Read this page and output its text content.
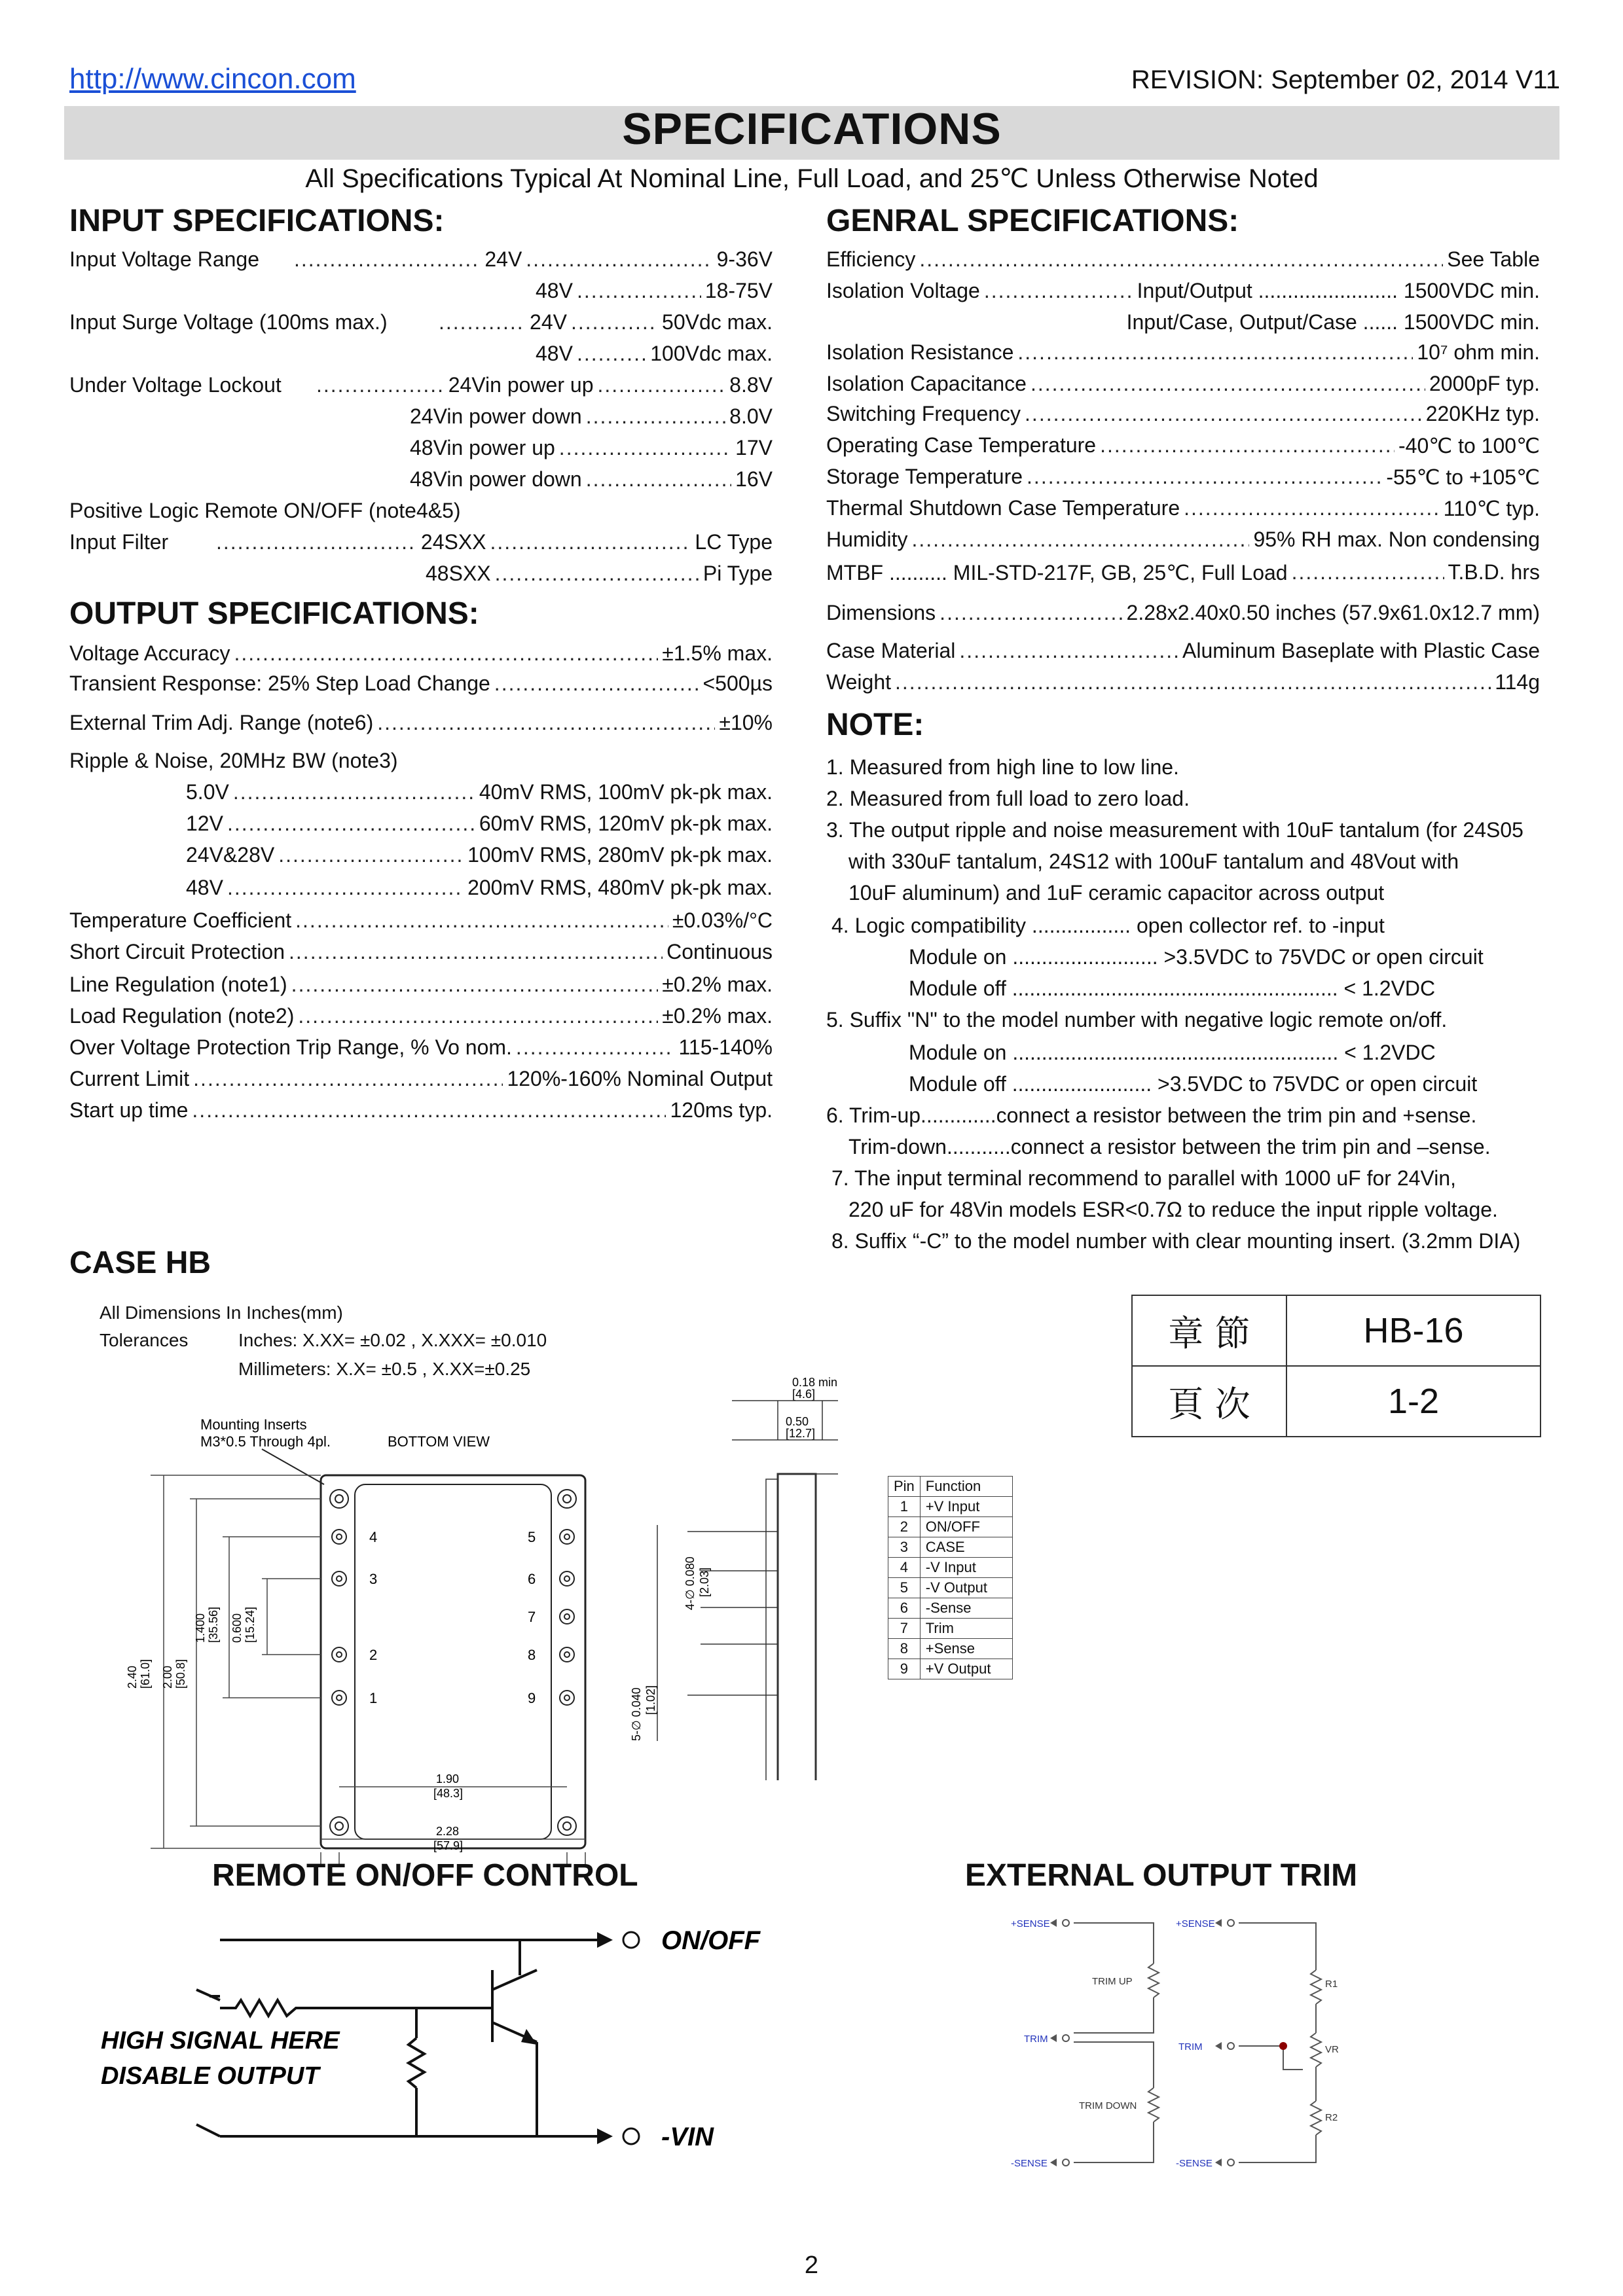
http://www.cincon.com	REVISION: September 02, 2014 V11
SPECIFICATIONS
All Specifications Typical At Nominal Line, Full Load, and 25℃ Unless Otherwise Noted
INPUT SPECIFICATIONS:
Input Voltage Range .....	24V .....	9-36V
48V .....	18-75V
Input Surge Voltage (100ms max.) .....	24V .....	50Vdc max.
48V .....	100Vdc max.
Under Voltage Lockout .....	24Vin power up .....	8.8V
24Vin power down .....	8.0V
48Vin power up .....	17V
48Vin power down .....	16V
Positive Logic Remote ON/OFF (note4&5)
Input Filter .....	24SXX .....	LC Type
48SXX .....	Pi Type
OUTPUT SPECIFICATIONS:
Voltage Accuracy .....	±1.5% max.
Transient Response: 25% Step Load Change .....	<500µs
External Trim Adj. Range (note6) .....	±10%
Ripple & Noise, 20MHz BW (note3)
5.0V .....	40mV RMS, 100mV pk-pk max.
12V .....	60mV RMS, 120mV pk-pk max.
24V&28V .....	100mV RMS, 280mV pk-pk max.
48V .....	200mV RMS, 480mV pk-pk max.
Temperature Coefficient .....	±0.03%/°C
Short Circuit Protection .....	Continuous
Line Regulation (note1) .....	±0.2% max.
Load Regulation (note2) .....	±0.2% max.
Over Voltage Protection Trip Range, % Vo nom. .....	115-140%
Current Limit .....	120%-160% Nominal Output
Start up time .....	120ms typ.
GENRAL SPECIFICATIONS:
Efficiency .....	See Table
Isolation Voltage .....	Input/Output ........................ 1500VDC min.
Input/Case, Output/Case ...... 1500VDC min.
Isolation Resistance .....	10⁷ ohm min.
Isolation Capacitance .....	2000pF typ.
Switching Frequency .....	220KHz typ.
Operating Case Temperature .....	-40℃ to 100℃
Storage Temperature .....	-55℃ to +105℃
Thermal Shutdown Case Temperature .....	110℃ typ.
Humidity .....	95% RH max. Non condensing
MTBF .......... MIL-STD-217F, GB, 25℃, Full Load .....	T.B.D. hrs
Dimensions .....	2.28x2.40x0.50 inches (57.9x61.0x12.7 mm)
Case Material .....	Aluminum Baseplate with Plastic Case
Weight .....	114g
NOTE:
1. Measured from high line to low line.
2. Measured from full load to zero load.
3. The output ripple and noise measurement with 10uF tantalum (for 24S05
with 330uF tantalum, 24S12 with 100uF tantalum and 48Vout with
10uF aluminum) and 1uF ceramic capacitor across output
4. Logic compatibility ................. open collector ref. to -input
Module on ......................... >3.5VDC to 75VDC or open circuit
Module off ........................................................ < 1.2VDC
5. Suffix "N" to the model number with negative logic remote on/off.
Module on ........................................................ < 1.2VDC
Module off ........................ >3.5VDC to 75VDC or open circuit
6. Trim-up.............connect a resistor between the trim pin and +sense.
Trim-down...........connect a resistor between the trim pin and –sense.
7. The input terminal recommend to parallel with 1000 uF for 24Vin,
220 uF for 48Vin models ESR<0.7Ω to reduce the input ripple voltage.
8. Suffix “-C” to the model number with clear mounting insert. (3.2mm DIA)
CASE HB
All Dimensions In Inches(mm)
Tolerances	Inches: X.XX= ±0.02 , X.XXX= ±0.010
Millimeters: X.X= ±0.5 , X.XX=±0.25
章 節	HB-16
頁 次	1-2
Mounting Inserts
M3*0.5 Through 4pl.	BOTTOM VIEW
4	5
3	6
7
2	8
1	9
2.40 [61.0] 2.00 [50.8]
1.400 [35.56] 0.600 [15.24]
1.90
[48.3]
2.28
[57.9]
0.18 min
[4.6]
0.50
[12.7]
4-∅ 0.080 [2.03]
5-∅ 0.040 [1.02]
Pin	Function
1	+V Input
2	ON/OFF
3	CASE
4	-V Input
5	-V Output
6	-Sense
7	Trim
8	+Sense
9	+V Output
REMOTE ON/OFF CONTROL
ON/OFF
-VIN
HIGH SIGNAL HERE
DISABLE OUTPUT
EXTERNAL OUTPUT TRIM
+SENSE
TRIM
-SENSE
+SENSE
TRIM
-SENSE
TRIM UP
TRIM DOWN
R1
VR
R2
2
